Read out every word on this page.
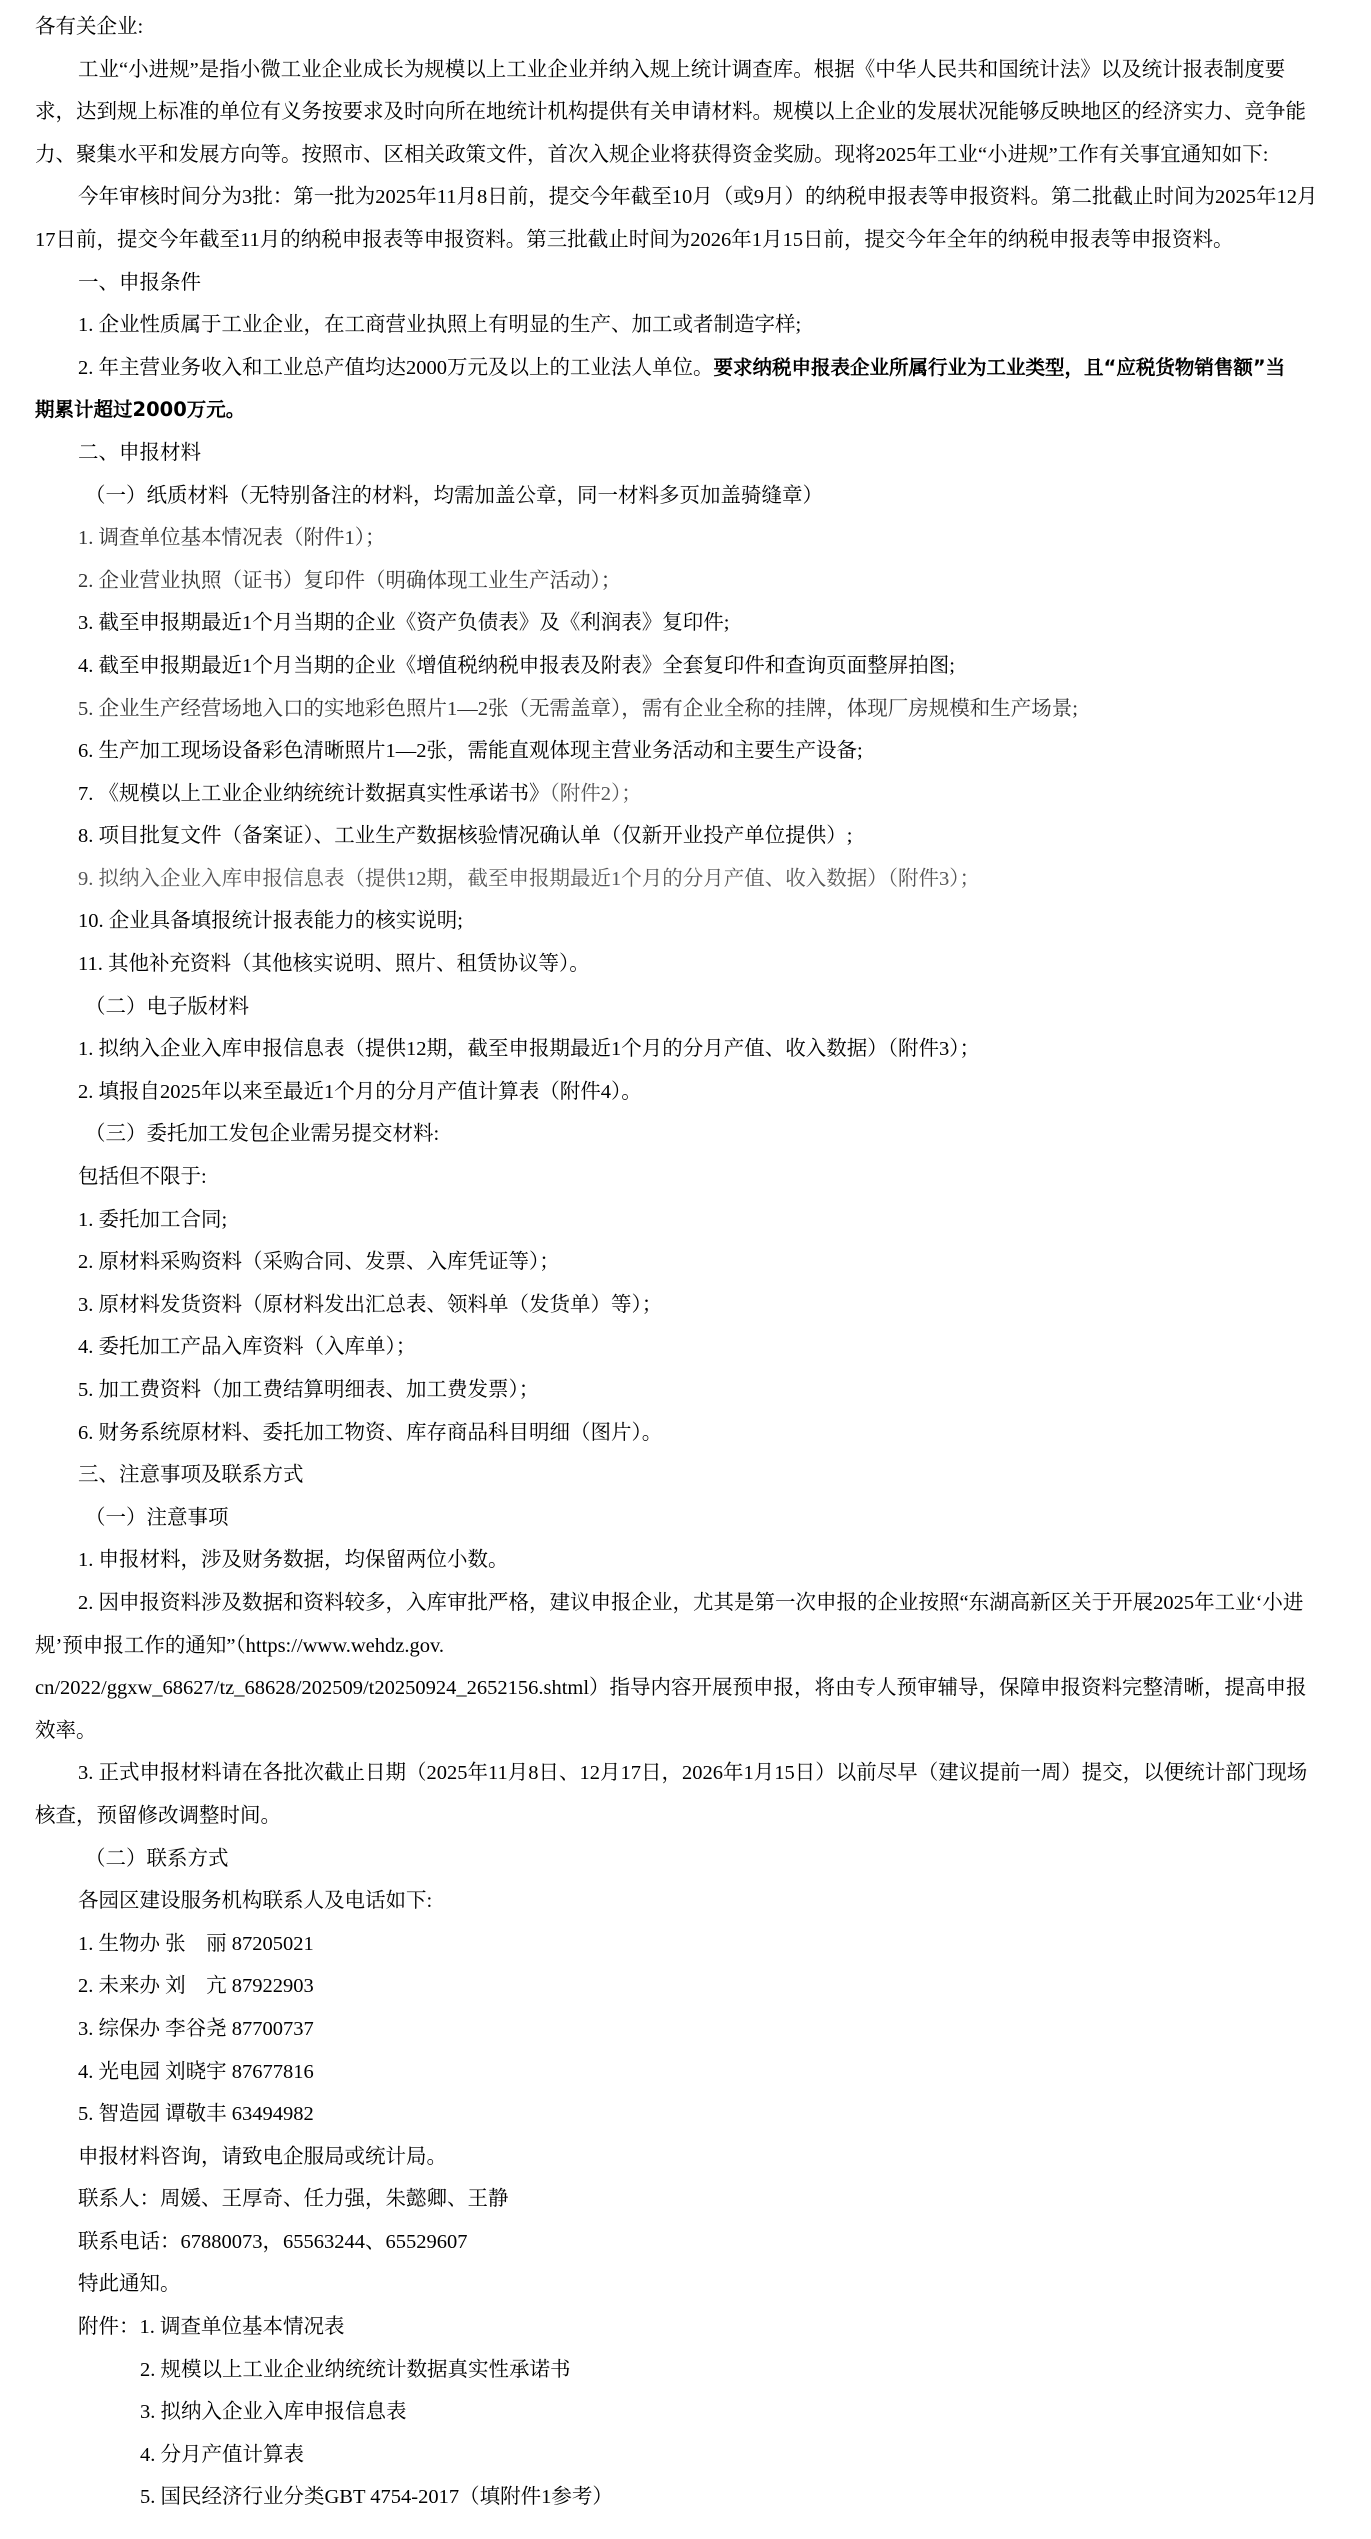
各有关企业:
工业“小进规”是指小微工业企业成长为规模以上工业企业并纳入规上统计调查库。根据《中华人民共和国统计法》以及统计报表制度要
求，达到规上标准的单位有义务按要求及时向所在地统计机构提供有关申请材料。规模以上企业的发展状况能够反映地区的经济实力、竞争能
力、聚集水平和发展方向等。按照市、区相关政策文件，首次入规企业将获得资金奖励。现将2025年工业“小进规”工作有关事宜通知如下:
今年审核时间分为3批：第一批为2025年11月8日前，提交今年截至10月（或9月）的纳税申报表等申报资料。第二批截止时间为2025年12月
17日前，提交今年截至11月的纳税申报表等申报资料。第三批截止时间为2026年1月15日前，提交今年全年的纳税申报表等申报资料。
一、申报条件
1. 企业性质属于工业企业，在工商营业执照上有明显的生产、加工或者制造字样;
2. 年主营业务收入和工业总产值均达2000万元及以上的工业法人单位。要求纳税申报表企业所属行业为工业类型，且“应税货物销售额”当
期累计超过2000万元。
二、申报材料
（一）纸质材料（无特别备注的材料，均需加盖公章，同一材料多页加盖骑缝章）
1. 调查单位基本情况表（附件1）；
2. 企业营业执照（证书）复印件（明确体现工业生产活动）；
3. 截至申报期最近1个月当期的企业《资产负债表》及《利润表》复印件;
4. 截至申报期最近1个月当期的企业《增值税纳税申报表及附表》全套复印件和查询页面整屏拍图;
5. 企业生产经营场地入口的实地彩色照片1—2张（无需盖章），需有企业全称的挂牌，体现厂房规模和生产场景;
6. 生产加工现场设备彩色清晰照片1—2张，需能直观体现主营业务活动和主要生产设备;
7. 《规模以上工业企业纳统统计数据真实性承诺书》（附件2）；
8. 项目批复文件（备案证）、工业生产数据核验情况确认单（仅新开业投产单位提供）;
9. 拟纳入企业入库申报信息表（提供12期，截至申报期最近1个月的分月产值、收入数据）（附件3）；
10. 企业具备填报统计报表能力的核实说明;
11. 其他补充资料（其他核实说明、照片、租赁协议等）。
（二）电子版材料
1. 拟纳入企业入库申报信息表（提供12期，截至申报期最近1个月的分月产值、收入数据）（附件3）；
2. 填报自2025年以来至最近1个月的分月产值计算表（附件4）。
（三）委托加工发包企业需另提交材料:
包括但不限于:
1. 委托加工合同;
2. 原材料采购资料（采购合同、发票、入库凭证等）；
3. 原材料发货资料（原材料发出汇总表、领料单（发货单）等）；
4. 委托加工产品入库资料（入库单）；
5. 加工费资料（加工费结算明细表、加工费发票）；
6. 财务系统原材料、委托加工物资、库存商品科目明细（图片）。
三、注意事项及联系方式
（一）注意事项
1. 申报材料，涉及财务数据，均保留两位小数。
2. 因申报资料涉及数据和资料较多，入库审批严格，建议申报企业，尤其是第一次申报的企业按照“东湖高新区关于开展2025年工业‘小进
规’预申报工作的通知”（https://www.wehdz.gov.
cn/2022/ggxw_68627/tz_68628/202509/t20250924_2652156.shtml）指导内容开展预申报，将由专人预审辅导，保障申报资料完整清晰，提高申报
效率。
3. 正式申报材料请在各批次截止日期（2025年11月8日、12月17日，2026年1月15日）以前尽早（建议提前一周）提交，以便统计部门现场
核查，预留修改调整时间。
（二）联系方式
各园区建设服务机构联系人及电话如下:
1. 生物办 张　丽 87205021
2. 未来办 刘　亢 87922903
3. 综保办 李谷尧 87700737
4. 光电园 刘晓宇 87677816
5. 智造园 谭敬丰 63494982
申报材料咨询，请致电企服局或统计局。
联系人：周媛、王厚奇、任力强，朱懿卿、王静
联系电话：67880073，65563244、65529607
特此通知。
附件：1. 调查单位基本情况表
2. 规模以上工业企业纳统统计数据真实性承诺书
3. 拟纳入企业入库申报信息表
4. 分月产值计算表
5. 国民经济行业分类GBT 4754-2017（填附件1参考）
